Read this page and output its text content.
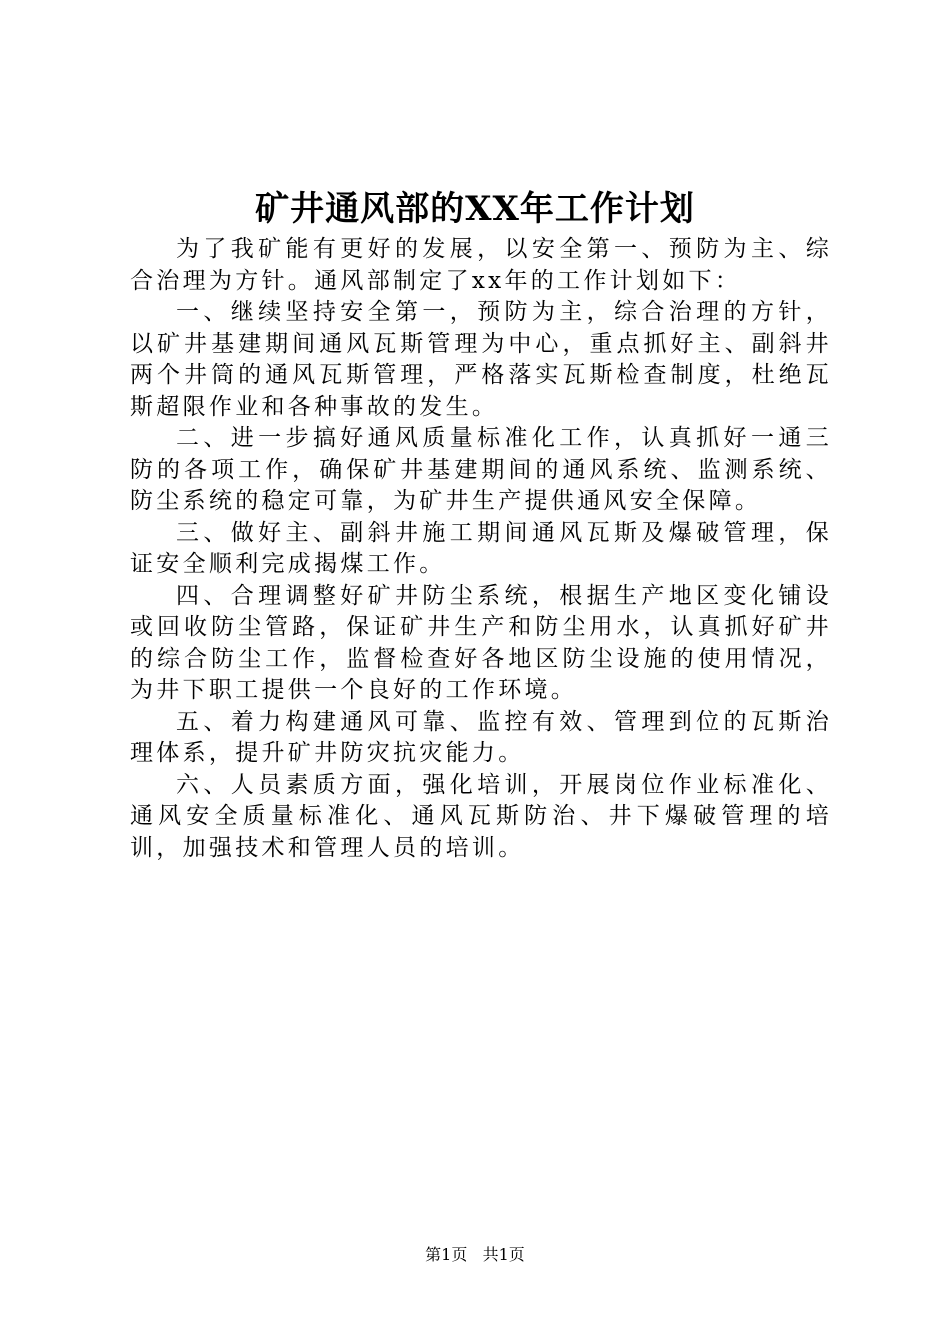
矿井通风部的XX年工作计划

为了我矿能有更好的发展，以安全第一、预防为主、综合治理为方针。通风部制定了xx年的工作计划如下：

一、继续坚持安全第一，预防为主，综合治理的方针，以矿井基建期间通风瓦斯管理为中心，重点抓好主、副斜井两个井筒的通风瓦斯管理，严格落实瓦斯检查制度，杜绝瓦斯超限作业和各种事故的发生。

二、进一步搞好通风质量标准化工作，认真抓好一通三防的各项工作，确保矿井基建期间的通风系统、监测系统、防尘系统的稳定可靠，为矿井生产提供通风安全保障。

三、做好主、副斜井施工期间通风瓦斯及爆破管理，保证安全顺利完成揭煤工作。

四、合理调整好矿井防尘系统，根据生产地区变化铺设或回收防尘管路，保证矿井生产和防尘用水，认真抓好矿井的综合防尘工作，监督检查好各地区防尘设施的使用情况，为井下职工提供一个良好的工作环境。

五、着力构建通风可靠、监控有效、管理到位的瓦斯治理体系，提升矿井防灾抗灾能力。

六、人员素质方面，强化培训，开展岗位作业标准化、通风安全质量标准化、通风瓦斯防治、井下爆破管理的培训，加强技术和管理人员的培训。

第1页 共1页
